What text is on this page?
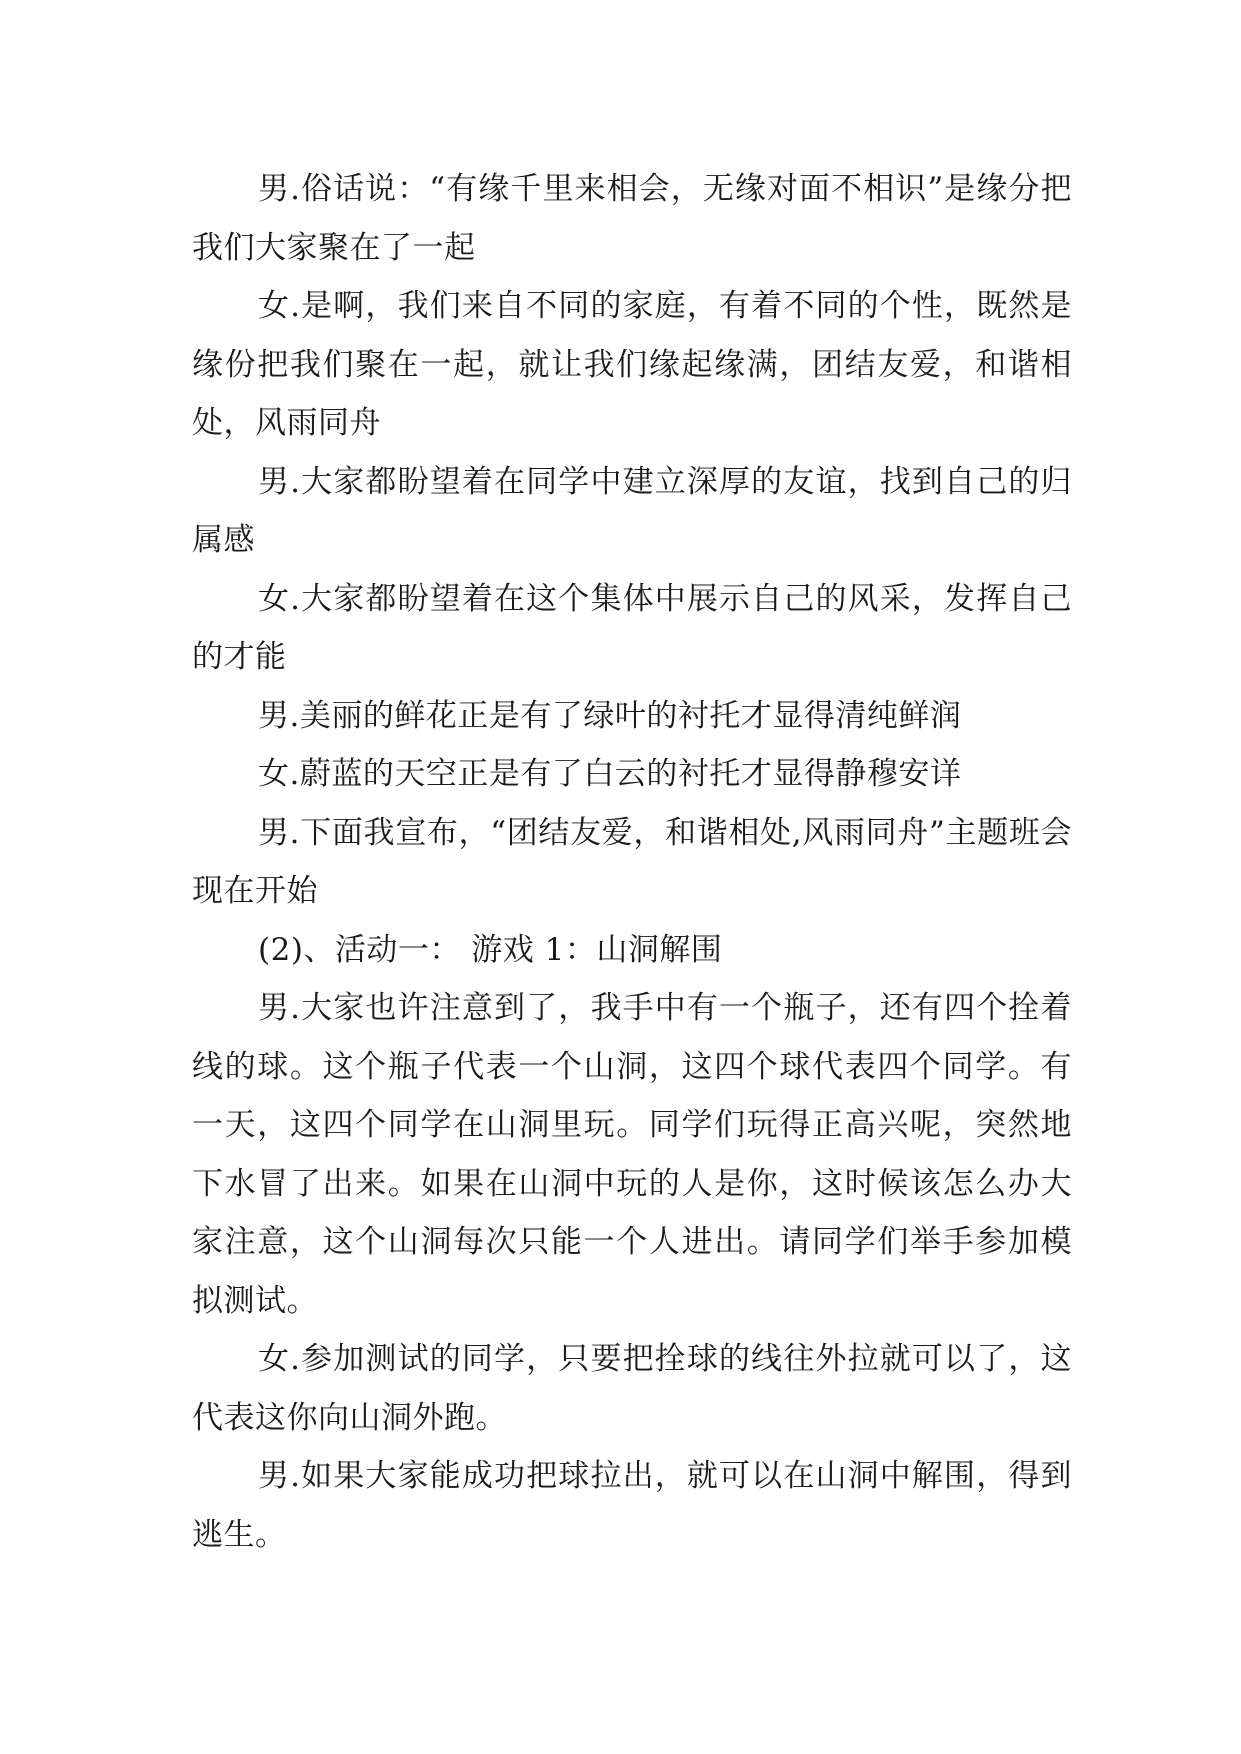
男.俗话说：“有缘千里来相会，无缘对面不相识”是缘分把我们大家聚在了一起

女.是啊，我们来自不同的家庭，有着不同的个性，既然是缘份把我们聚在一起，就让我们缘起缘满，团结友爱，和谐相处，风雨同舟

男.大家都盼望着在同学中建立深厚的友谊，找到自己的归属感

女.大家都盼望着在这个集体中展示自己的风采，发挥自己的才能

男.美丽的鲜花正是有了绿叶的衬托才显得清纯鲜润

女.蔚蓝的天空正是有了白云的衬托才显得静穆安详

男.下面我宣布，“团结友爱，和谐相处,风雨同舟”主题班会现在开始

(2)、活动一： 游戏 1：山洞解围

男.大家也许注意到了，我手中有一个瓶子，还有四个拴着线的球。这个瓶子代表一个山洞，这四个球代表四个同学。有一天，这四个同学在山洞里玩。同学们玩得正高兴呢，突然地下水冒了出来。如果在山洞中玩的人是你，这时候该怎么办大家注意，这个山洞每次只能一个人进出。请同学们举手参加模拟测试。

女.参加测试的同学，只要把拴球的线往外拉就可以了，这代表这你向山洞外跑。

男.如果大家能成功把球拉出，就可以在山洞中解围，得到逃生。
